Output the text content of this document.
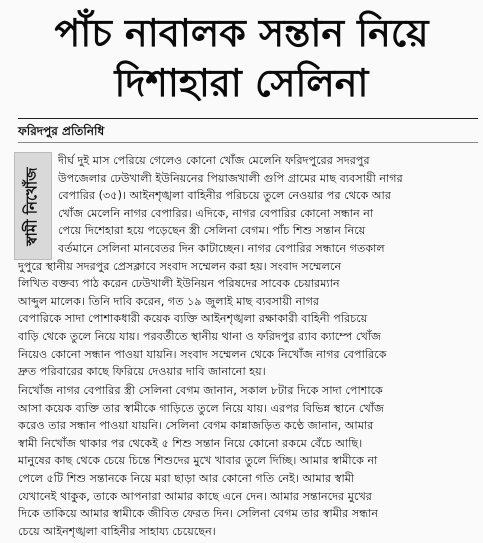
পাঁচ নাবালক সন্তান নিয়ে
দিশাহারা সেলিনা
ফরিদপুর প্রতিনিধি
স্বামী নিখোঁজ
দীর্ঘ দুই মাস পেরিয়ে গেলেও কোনো খোঁজ মেলেনি ফরিদপুরের সদরপুর
উপজেলার ঢেউখালী ইউনিয়নের পিয়াজখালী গুপি গ্রামের মাছ ব্যবসায়ী নাগর
বেপারির (৩৫)। আইনশৃঙ্খলা বাহিনীর পরিচয়ে তুলে নেওয়ার পর থেকে আর
খোঁজ মেলেনি নাগর বেপারির। এদিকে, নাগর বেপারির কোনো সন্ধান না
পেয়ে দিশেহারা হয়ে পড়েছেন স্ত্রী সেলিনা বেগম। পাঁচ শিশু সন্তান নিয়ে
বর্তমানে সেলিনা মানবেতর দিন কাটাচ্ছেন। নাগর বেপারির সন্ধানে গতকাল
দুপুরে স্থানীয় সদরপুর প্রেসক্লাবে সংবাদ সম্মেলন করা হয়। সংবাদ সম্মেলনে
লিখিত বক্তব্য পাঠ করেন ঢেউখালী ইউনিয়ন পরিষদের সাবেক চেয়ারম্যান
আব্দুল মালেক। তিনি দাবি করেন, গত ১৯ জুলাই মাছ ব্যবসায়ী নাগর
বেপারিকে সাদা পোশাকধারী কয়েক ব্যক্তি আইনশৃঙ্খলা রক্ষাকারী বাহিনী পরিচয়ে
বাড়ি থেকে তুলে নিয়ে যায়। পরবর্তীতে স্থানীয় থানা ও ফরিদপুর র‍্যাব ক্যাম্পে খোঁজ
নিয়েও কোনো সন্ধান পাওয়া যায়নি। সংবাদ সম্মেলন থেকে নিখোঁজ নাগর বেপারিকে
দ্রুত পরিবারের কাছে ফিরিয়ে দেওয়ার দাবি জানানো হয়।
নিখোঁজ নাগর বেপারির স্ত্রী সেলিনা বেগম জানান, সকাল ৮টার দিকে সাদা পোশাকে
আসা কয়েক ব্যক্তি তার স্বামীকে গাড়িতে তুলে নিয়ে যায়। এরপর বিভিন্ন স্থানে খোঁজ
করেও তার সন্ধান পাওয়া যায়নি। সেলিনা বেগম কান্নাজড়িত কণ্ঠে জানান, আমার
স্বামী নিখোঁজ থাকার পর থেকেই ৫ শিশু সন্তান নিয়ে কোনো রকমে বেঁচে আছি।
মানুষের কাছ থেকে চেয়ে চিন্তে শিশুদের মুখে খাবার তুলে দিচ্ছি। আমার স্বামীকে না
পেলে ৫টি শিশু সন্তানকে নিয়ে মরা ছাড়া আর কোনো গতি নেই। আমার স্বামী
যেখানেই থাকুক, তাকে আপনারা আমার কাছে এনে দেন। আমার সন্তানদের মুখের
দিকে তাকিয়ে আমার স্বামীকে জীবিত ফেরত দিন। সেলিনা বেগম তার স্বামীর সন্ধান
চেয়ে আইনশৃঙ্খলা বাহিনীর সাহায্য চেয়েছেন।
